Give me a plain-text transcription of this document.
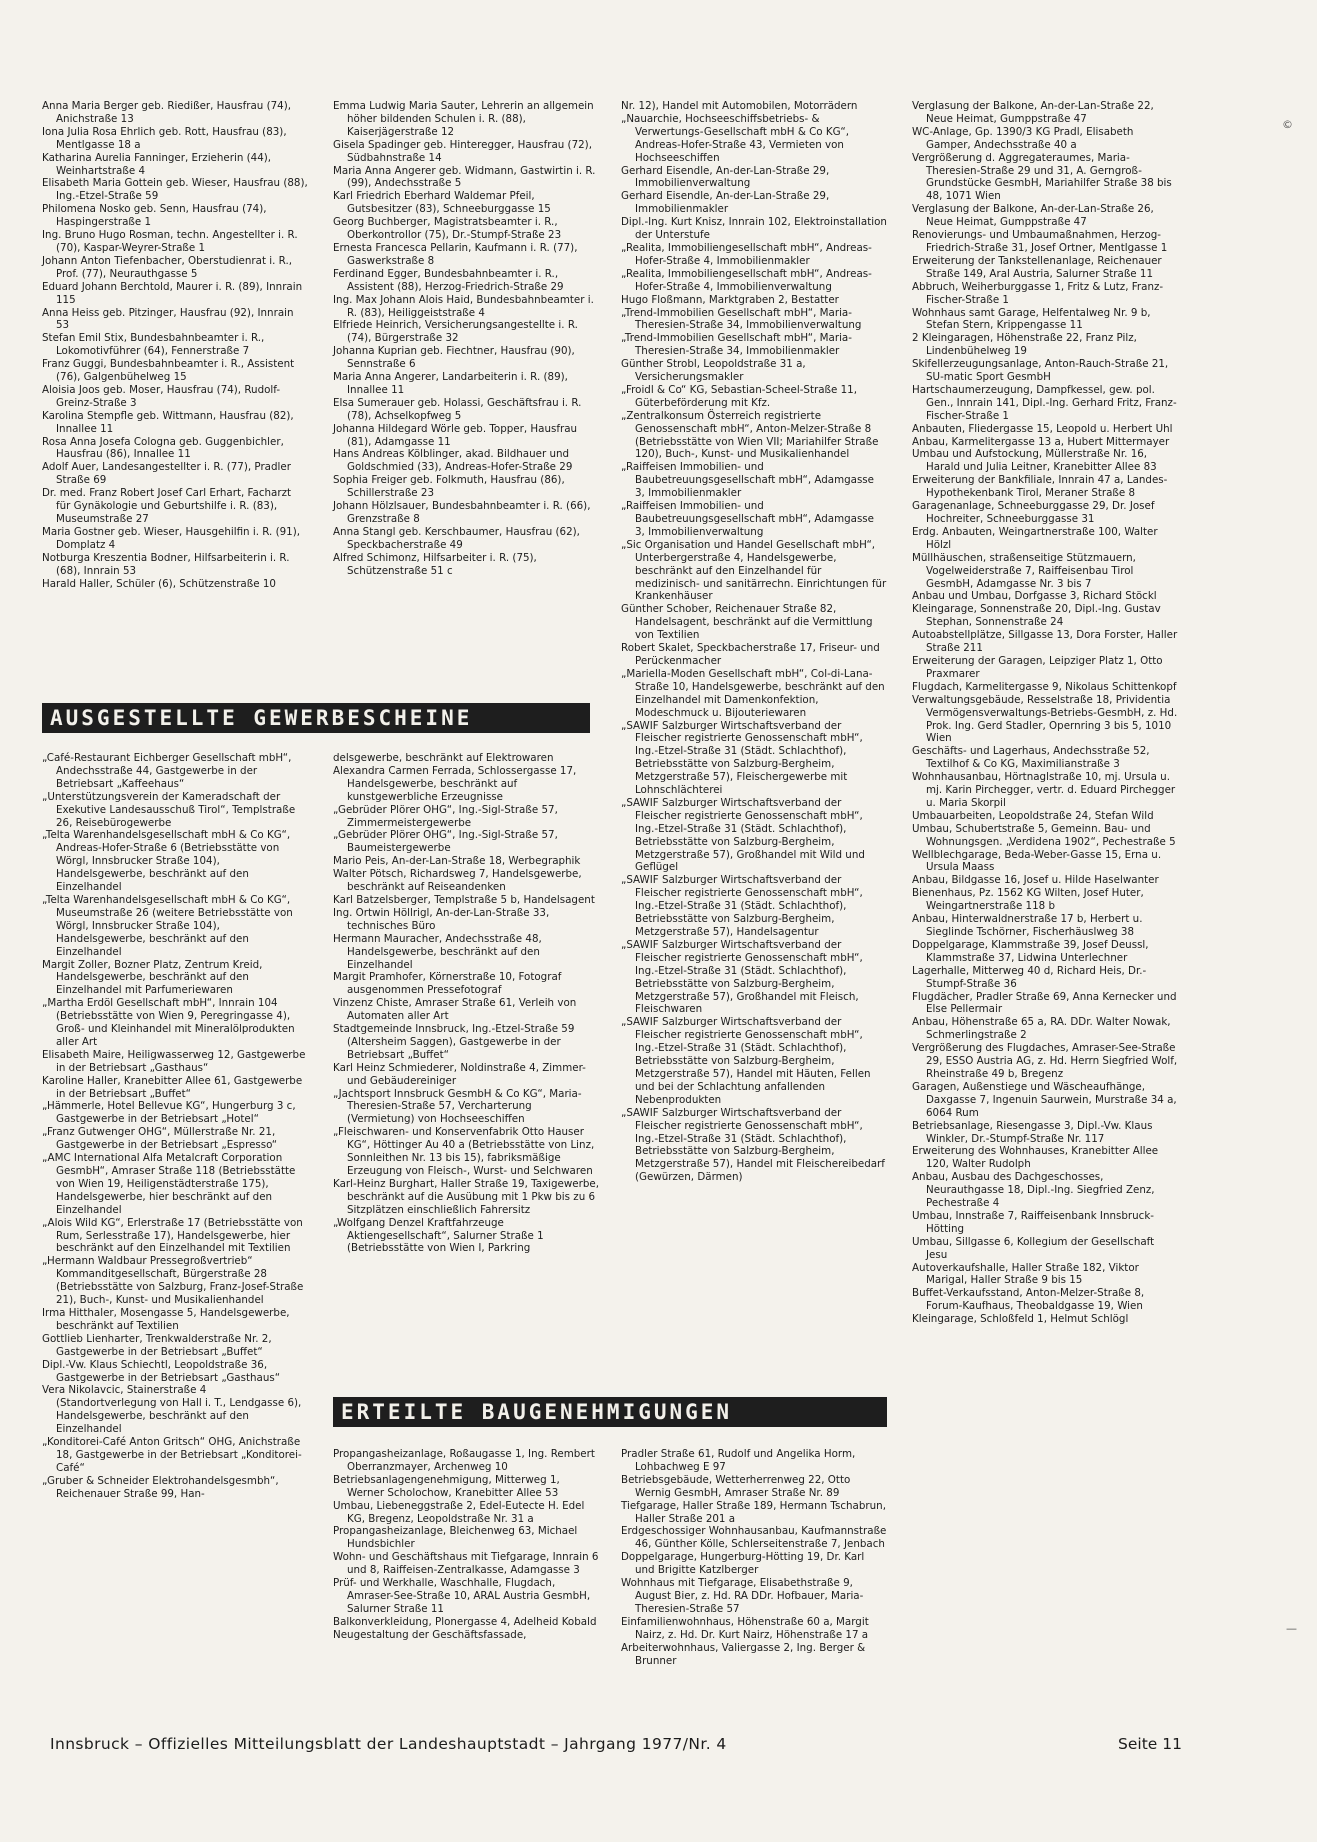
Anna Maria Berger geb. Riedißer, Hausfrau (74), Anichstraße 13
Iona Julia Rosa Ehrlich geb. Rott, Hausfrau (83), Mentlgasse 18 a
Katharina Aurelia Fanninger, Erzieherin (44), Weinhartstraße 4
Elisabeth Maria Gottein geb. Wieser, Hausfrau (88), Ing.-Etzel-Straße 59
Philomena Nosko geb. Senn, Hausfrau (74), Haspingerstraße 1
Ing. Bruno Hugo Rosman, techn. Angestellter i. R. (70), Kaspar-Weyrer-Straße 1
Johann Anton Tiefenbacher, Oberstudienrat i. R., Prof. (77), Neurauthgasse 5
Eduard Johann Berchtold, Maurer i. R. (89), Innrain 115
Anna Heiss geb. Pitzinger, Hausfrau (92), Innrain 53
Stefan Emil Stix, Bundesbahnbeamter i. R., Lokomotivführer (64), Fennerstraße 7
Franz Guggi, Bundesbahnbeamter i. R., Assistent (76), Galgenbühelweg 15
Aloisia Joos geb. Moser, Hausfrau (74), Rudolf-Greinz-Straße 3
Karolina Stempfle geb. Wittmann, Hausfrau (82), Innallee 11
Rosa Anna Josefa Cologna geb. Guggenbichler, Hausfrau (86), Innallee 11
Adolf Auer, Landesangestellter i. R. (77), Pradler Straße 69
Dr. med. Franz Robert Josef Carl Erhart, Facharzt für Gynäkologie und Geburtshilfe i. R. (83), Museumstraße 27
Maria Gostner geb. Wieser, Hausgehilfin i. R. (91), Domplatz 4
Notburga Kreszentia Bodner, Hilfsarbeiterin i. R. (68), Innrain 53
Harald Haller, Schüler (6), Schützenstraße 10
Emma Ludwig Maria Sauter, Lehrerin an allgemein höher bildenden Schulen i. R. (88), Kaiserjägerstraße 12
Gisela Spadinger geb. Hinteregger, Hausfrau (72), Südbahnstraße 14
Maria Anna Angerer geb. Widmann, Gastwirtin i. R. (99), Andechsstraße 5
Karl Friedrich Eberhard Waldemar Pfeil, Gutsbesitzer (83), Schneeburggasse 15
Georg Buchberger, Magistratsbeamter i. R., Oberkontrollor (75), Dr.-Stumpf-Straße 23
Ernesta Francesca Pellarin, Kaufmann i. R. (77), Gaswerkstraße 8
Ferdinand Egger, Bundesbahnbeamter i. R., Assistent (88), Herzog-Friedrich-Straße 29
Ing. Max Johann Alois Haid, Bundesbahnbeamter i. R. (83), Heiliggeiststraße 4
Elfriede Heinrich, Versicherungsangestellte i. R. (74), Bürgerstraße 32
Johanna Kuprian geb. Fiechtner, Hausfrau (90), Sennstraße 6
Maria Anna Angerer, Landarbeiterin i. R. (89), Innallee 11
Elsa Sumerauer geb. Holassi, Geschäftsfrau i. R. (78), Achselkopfweg 5
Johanna Hildegard Wörle geb. Topper, Hausfrau (81), Adamgasse 11
Hans Andreas Kölblinger, akad. Bildhauer und Goldschmied (33), Andreas-Hofer-Straße 29
Sophia Freiger geb. Folkmuth, Hausfrau (86), Schillerstraße 23
Johann Hölzlsauer, Bundesbahnbeamter i. R. (66), Grenzstraße 8
Anna Stangl geb. Kerschbaumer, Hausfrau (62), Speckbacherstraße 49
Alfred Schimonz, Hilfsarbeiter i. R. (75), Schützenstraße 51 c
AUSGESTELLTE GEWERBESCHEINE
„Café-Restaurant Eichberger Gesellschaft mbH“, Andechsstraße 44, Gastgewerbe in der Betriebsart „Kaffeehaus“
„Unterstützungsverein der Kameradschaft der Exekutive Landesausschuß Tirol“, Templstraße 26, Reisebürogewerbe
„Telta Warenhandelsgesellschaft mbH & Co KG“, Andreas-Hofer-Straße 6 (Betriebsstätte von Wörgl, Innsbrucker Straße 104), Handelsgewerbe, beschränkt auf den Einzelhandel
„Telta Warenhandelsgesellschaft mbH & Co KG“, Museumstraße 26 (weitere Betriebsstätte von Wörgl, Innsbrucker Straße 104), Handelsgewerbe, beschränkt auf den Einzelhandel
Margit Zoller, Bozner Platz, Zentrum Kreid, Handelsgewerbe, beschränkt auf den Einzelhandel mit Parfumeriewaren
„Martha Erdöl Gesellschaft mbH“, Innrain 104 (Betriebsstätte von Wien 9, Peregringasse 4), Groß- und Kleinhandel mit Mineralölprodukten aller Art
Elisabeth Maire, Heiligwasserweg 12, Gastgewerbe in der Betriebsart „Gasthaus“
Karoline Haller, Kranebitter Allee 61, Gastgewerbe in der Betriebsart „Buffet“
„Hämmerle, Hotel Bellevue KG“, Hungerburg 3 c, Gastgewerbe in der Betriebsart „Hotel“
„Franz Gutwenger OHG“, Müllerstraße Nr. 21, Gastgewerbe in der Betriebsart „Espresso“
„AMC International Alfa Metalcraft Corporation GesmbH“, Amraser Straße 118 (Betriebsstätte von Wien 19, Heiligenstädterstraße 175), Handelsgewerbe, hier beschränkt auf den Einzelhandel
„Alois Wild KG“, Erlerstraße 17 (Betriebsstätte von Rum, Serlesstraße 17), Handelsgewerbe, hier beschränkt auf den Einzelhandel mit Textilien
„Hermann Waldbaur Pressegroßvertrieb“ Kommanditgesellschaft, Bürgerstraße 28 (Betriebsstätte von Salzburg, Franz-Josef-Straße 21), Buch-, Kunst- und Musikalienhandel
Irma Hitthaler, Mosengasse 5, Handelsgewerbe, beschränkt auf Textilien
Gottlieb Lienharter, Trenkwalderstraße Nr. 2, Gastgewerbe in der Betriebsart „Buffet“
Dipl.-Vw. Klaus Schiechtl, Leopoldstraße 36, Gastgewerbe in der Betriebsart „Gasthaus“
Vera Nikolavcic, Stainerstraße 4 (Standortverlegung von Hall i. T., Lendgasse 6), Handelsgewerbe, beschränkt auf den Einzelhandel
„Konditorei-Café Anton Gritsch“ OHG, Anichstraße 18, Gastgewerbe in der Betriebsart „Konditorei-Café“
„Gruber & Schneider Elektrohandelsgesmbh“, Reichenauer Straße 99, Han-
delsgewerbe, beschränkt auf Elektrowaren
Alexandra Carmen Ferrada, Schlossergasse 17, Handelsgewerbe, beschränkt auf kunstgewerbliche Erzeugnisse
„Gebrüder Plörer OHG“, Ing.-Sigl-Straße 57, Zimmermeistergewerbe
„Gebrüder Plörer OHG“, Ing.-Sigl-Straße 57, Baumeistergewerbe
Mario Peis, An-der-Lan-Straße 18, Werbegraphik
Walter Pötsch, Richardsweg 7, Handelsgewerbe, beschränkt auf Reiseandenken
Karl Batzelsberger, Templstraße 5 b, Handelsagent
Ing. Ortwin Höllrigl, An-der-Lan-Straße 33, technisches Büro
Hermann Mauracher, Andechsstraße 48, Handelsgewerbe, beschränkt auf den Einzelhandel
Margit Pramhofer, Körnerstraße 10, Fotograf ausgenommen Pressefotograf
Vinzenz Chiste, Amraser Straße 61, Verleih von Automaten aller Art
Stadtgemeinde Innsbruck, Ing.-Etzel-Straße 59 (Altersheim Saggen), Gastgewerbe in der Betriebsart „Buffet“
Karl Heinz Schmiederer, Noldinstraße 4, Zimmer- und Gebäudereiniger
„Jachtsport Innsbruck GesmbH & Co KG“, Maria-Theresien-Straße 57, Vercharterung (Vermietung) von Hochseeschiffen
„Fleischwaren- und Konservenfabrik Otto Hauser KG“, Höttinger Au 40 a (Betriebsstätte von Linz, Sonnleithen Nr. 13 bis 15), fabriksmäßige Erzeugung von Fleisch-, Wurst- und Selchwaren
Karl-Heinz Burghart, Haller Straße 19, Taxigewerbe, beschränkt auf die Ausübung mit 1 Pkw bis zu 6 Sitzplätzen einschließlich Fahrersitz
„Wolfgang Denzel Kraftfahrzeuge Aktiengesellschaft“, Salurner Straße 1 (Betriebsstätte von Wien I, Parkring
Nr. 12), Handel mit Automobilen, Motorrädern
„Nauarchie, Hochseeschiffsbetriebs- & Verwertungs-Gesellschaft mbH & Co KG“, Andreas-Hofer-Straße 43, Vermieten von Hochseeschiffen
Gerhard Eisendle, An-der-Lan-Straße 29, Immobilienverwaltung
Gerhard Eisendle, An-der-Lan-Straße 29, Immobilienmakler
Dipl.-Ing. Kurt Knisz, Innrain 102, Elektroinstallation der Unterstufe
„Realita, Immobiliengesellschaft mbH“, Andreas-Hofer-Straße 4, Immobilienmakler
„Realita, Immobiliengesellschaft mbH“, Andreas-Hofer-Straße 4, Immobilienverwaltung
Hugo Floßmann, Marktgraben 2, Bestatter
„Trend-Immobilien Gesellschaft mbH“, Maria-Theresien-Straße 34, Immobilienverwaltung
„Trend-Immobilien Gesellschaft mbH“, Maria-Theresien-Straße 34, Immobilienmakler
Günther Strobl, Leopoldstraße 31 a, Versicherungsmakler
„Froidl & Co“ KG, Sebastian-Scheel-Straße 11, Güterbeförderung mit Kfz.
„Zentralkonsum Österreich registrierte Genossenschaft mbH“, Anton-Melzer-Straße 8 (Betriebsstätte von Wien VII; Mariahilfer Straße 120), Buch-, Kunst- und Musikalienhandel
„Raiffeisen Immobilien- und Baubetreuungsgesellschaft mbH“, Adamgasse 3, Immobilienmakler
„Raiffeisen Immobilien- und Baubetreuungsgesellschaft mbH“, Adamgasse 3, Immobilienverwaltung
„Sic Organisation und Handel Gesellschaft mbH“, Unterbergerstraße 4, Handelsgewerbe, beschränkt auf den Einzelhandel für medizinisch- und sanitärrechn. Einrichtungen für Krankenhäuser
Günther Schober, Reichenauer Straße 82, Handelsagent, beschränkt auf die Vermittlung von Textilien
Robert Skalet, Speckbacherstraße 17, Friseur- und Perückenmacher
„Mariella-Moden Gesellschaft mbH“, Col-di-Lana-Straße 10, Handelsgewerbe, beschränkt auf den Einzelhandel mit Damenkonfektion, Modeschmuck u. Bijouteriewaren
„SAWIF Salzburger Wirtschaftsverband der Fleischer registrierte Genossenschaft mbH“, Ing.-Etzel-Straße 31 (Städt. Schlachthof), Betriebsstätte von Salzburg-Bergheim, Metzgerstraße 57), Fleischergewerbe mit Lohnschlächterei
„SAWIF Salzburger Wirtschaftsverband der Fleischer registrierte Genossenschaft mbH“, Ing.-Etzel-Straße 31 (Städt. Schlachthof), Betriebsstätte von Salzburg-Bergheim, Metzgerstraße 57), Großhandel mit Wild und Geflügel
„SAWIF Salzburger Wirtschaftsverband der Fleischer registrierte Genossenschaft mbH“, Ing.-Etzel-Straße 31 (Städt. Schlachthof), Betriebsstätte von Salzburg-Bergheim, Metzgerstraße 57), Handelsagentur
„SAWIF Salzburger Wirtschaftsverband der Fleischer registrierte Genossenschaft mbH“, Ing.-Etzel-Straße 31 (Städt. Schlachthof), Betriebsstätte von Salzburg-Bergheim, Metzgerstraße 57), Großhandel mit Fleisch, Fleischwaren
„SAWIF Salzburger Wirtschaftsverband der Fleischer registrierte Genossenschaft mbH“, Ing.-Etzel-Straße 31 (Städt. Schlachthof), Betriebsstätte von Salzburg-Bergheim, Metzgerstraße 57), Handel mit Häuten, Fellen und bei der Schlachtung anfallenden Nebenprodukten
„SAWIF Salzburger Wirtschaftsverband der Fleischer registrierte Genossenschaft mbH“, Ing.-Etzel-Straße 31 (Städt. Schlachthof), Betriebsstätte von Salzburg-Bergheim, Metzgerstraße 57), Handel mit Fleischereibedarf (Gewürzen, Därmen)
Verglasung der Balkone, An-der-Lan-Straße 22, Neue Heimat, Gumppstraße 47
WC-Anlage, Gp. 1390/3 KG Pradl, Elisabeth Gamper, Andechsstraße 40 a
Vergrößerung d. Aggregateraumes, Maria-Theresien-Straße 29 und 31, A. Gerngroß-Grundstücke GesmbH, Mariahilfer Straße 38 bis 48, 1071 Wien
Verglasung der Balkone, An-der-Lan-Straße 26, Neue Heimat, Gumppstraße 47
Renovierungs- und Umbaumaßnahmen, Herzog-Friedrich-Straße 31, Josef Ortner, Mentlgasse 1
Erweiterung der Tankstellenanlage, Reichenauer Straße 149, Aral Austria, Salurner Straße 11
Abbruch, Weiherburggasse 1, Fritz & Lutz, Franz-Fischer-Straße 1
Wohnhaus samt Garage, Helfentalweg Nr. 9 b, Stefan Stern, Krippengasse 11
2 Kleingaragen, Höhenstraße 22, Franz Pilz, Lindenbühelweg 19
Skifellerzeugungsanlage, Anton-Rauch-Straße 21, SU-matic Sport GesmbH
Hartschaumerzeugung, Dampfkessel, gew. pol. Gen., Innrain 141, Dipl.-Ing. Gerhard Fritz, Franz-Fischer-Straße 1
Anbauten, Fliedergasse 15, Leopold u. Herbert Uhl
Anbau, Karmelitergasse 13 a, Hubert Mittermayer
Umbau und Aufstockung, Müllerstraße Nr. 16, Harald und Julia Leitner, Kranebitter Allee 83
Erweiterung der Bankfiliale, Innrain 47 a, Landes-Hypothekenbank Tirol, Meraner Straße 8
Garagenanlage, Schneeburggasse 29, Dr. Josef Hochreiter, Schneeburggasse 31
Erdg. Anbauten, Weingartnerstraße 100, Walter Hölzl
Müllhäuschen, straßenseitige Stützmauern, Vogelweiderstraße 7, Raiffeisenbau Tirol GesmbH, Adamgasse Nr. 3 bis 7
Anbau und Umbau, Dorfgasse 3, Richard Stöckl
Kleingarage, Sonnenstraße 20, Dipl.-Ing. Gustav Stephan, Sonnenstraße 24
Autoabstellplätze, Sillgasse 13, Dora Forster, Haller Straße 211
Erweiterung der Garagen, Leipziger Platz 1, Otto Praxmarer
Flugdach, Karmelitergasse 9, Nikolaus Schittenkopf
Verwaltungsgebäude, Resselstraße 18, Prividentia Vermögensverwaltungs-Betriebs-GesmbH, z. Hd. Prok. Ing. Gerd Stadler, Opernring 3 bis 5, 1010 Wien
Geschäfts- und Lagerhaus, Andechsstraße 52, Textilhof & Co KG, Maximilianstraße 3
Wohnhausanbau, Hörtnaglstraße 10, mj. Ursula u. mj. Karin Pirchegger, vertr. d. Eduard Pirchegger u. Maria Skorpil
Umbauarbeiten, Leopoldstraße 24, Stefan Wild
Umbau, Schubertstraße 5, Gemeinn. Bau- und Wohnungsgen. „Verdidena 1902“, Pechestraße 5
Wellblechgarage, Beda-Weber-Gasse 15, Erna u. Ursula Maass
Anbau, Bildgasse 16, Josef u. Hilde Haselwanter
Bienenhaus, Pz. 1562 KG Wilten, Josef Huter, Weingartnerstraße 118 b
Anbau, Hinterwaldnerstraße 17 b, Herbert u. Sieglinde Tschörner, Fischerhäuslweg 38
Doppelgarage, Klammstraße 39, Josef Deussl, Klammstraße 37, Lidwina Unterlechner
Lagerhalle, Mitterweg 40 d, Richard Heis, Dr.-Stumpf-Straße 36
Flugdächer, Pradler Straße 69, Anna Kernecker und Else Pellermair
Anbau, Höhenstraße 65 a, RA. DDr. Walter Nowak, Schmerlingstraße 2
Vergrößerung des Flugdaches, Amraser-See-Straße 29, ESSO Austria AG, z. Hd. Herrn Siegfried Wolf, Rheinstraße 49 b, Bregenz
Garagen, Außenstiege und Wäscheaufhänge, Daxgasse 7, Ingenuin Saurwein, Murstraße 34 a, 6064 Rum
Betriebsanlage, Riesengasse 3, Dipl.-Vw. Klaus Winkler, Dr.-Stumpf-Straße Nr. 117
Erweiterung des Wohnhauses, Kranebitter Allee 120, Walter Rudolph
Anbau, Ausbau des Dachgeschosses, Neurauthgasse 18, Dipl.-Ing. Siegfried Zenz, Pechestraße 4
Umbau, Innstraße 7, Raiffeisenbank Innsbruck-Hötting
Umbau, Sillgasse 6, Kollegium der Gesellschaft Jesu
Autoverkaufshalle, Haller Straße 182, Viktor Marigal, Haller Straße 9 bis 15
Buffet-Verkaufsstand, Anton-Melzer-Straße 8, Forum-Kaufhaus, Theobaldgasse 19, Wien
Kleingarage, Schloßfeld 1, Helmut Schlögl
ERTEILTE BAUGENEHMIGUNGEN
Propangasheizanlage, Roßaugasse 1, Ing. Rembert Oberranzmayer, Archenweg 10
Betriebsanlagengenehmigung, Mitterweg 1, Werner Scholochow, Kranebitter Allee 53
Umbau, Liebeneggstraße 2, Edel-Eutecte H. Edel KG, Bregenz, Leopoldstraße Nr. 31 a
Propangasheizanlage, Bleichenweg 63, Michael Hundsbichler
Wohn- und Geschäftshaus mit Tiefgarage, Innrain 6 und 8, Raiffeisen-Zentralkasse, Adamgasse 3
Prüf- und Werkhalle, Waschhalle, Flugdach, Amraser-See-Straße 10, ARAL Austria GesmbH, Salurner Straße 11
Balkonverkleidung, Plonergasse 4, Adelheid Kobald
Neugestaltung der Geschäftsfassade,
Pradler Straße 61, Rudolf und Angelika Horm, Lohbachweg E 97
Betriebsgebäude, Wetterherrenweg 22, Otto Wernig GesmbH, Amraser Straße Nr. 89
Tiefgarage, Haller Straße 189, Hermann Tschabrun, Haller Straße 201 a
Erdgeschossiger Wohnhausanbau, Kaufmannstraße 46, Günther Kölle, Schlerseitenstraße 7, Jenbach
Doppelgarage, Hungerburg-Hötting 19, Dr. Karl und Brigitte Katzlberger
Wohnhaus mit Tiefgarage, Elisabethstraße 9, August Bier, z. Hd. RA DDr. Hofbauer, Maria-Theresien-Straße 57
Einfamilienwohnhaus, Höhenstraße 60 a, Margit Nairz, z. Hd. Dr. Kurt Nairz, Höhenstraße 17 a
Arbeiterwohnhaus, Valiergasse 2, Ing. Berger & Brunner
Innsbruck – Offizielles Mitteilungsblatt der Landeshauptstadt – Jahrgang 1977/Nr. 4	Seite 11
©
—
